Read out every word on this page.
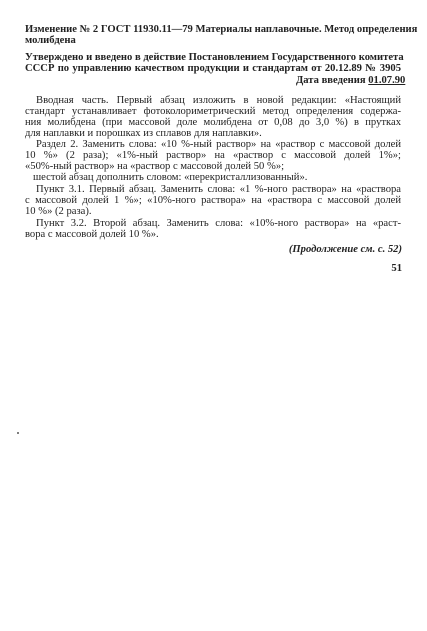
Изменение № 2 ГОСТ 11930.11—79 Материалы наплавочные. Метод определения
молибдена
Утверждено и введено в действие Постановлением Государственного комитета
СССР по управлению качеством продукции и стандартам от 20.12.89 № 3905
Дата введения 01.07.90
Вводная часть. Первый абзац изложить в новой редакции: «Настоящий
стандарт устанавливает фотоколориметрический метод определения содержа-
ния молибдена (при массовой доле молибдена от 0,08 до 3,0 %) в прутках
для наплавки и порошках из сплавов для наплавки».
Раздел 2. Заменить слова: «10 %-ный раствор» на «раствор с массовой долей
10 %» (2 раза); «1%-ный раствор» на «раствор с массовой долей 1%»;
«50%-ный раствор» на «раствор с массовой долей 50 %»;
шестой абзац дополнить словом: «перекристаллизованный».
Пункт 3.1. Первый абзац. Заменить слова: «1 %-ного раствора» на «раствора
с массовой долей 1 %»; «10%-ного раствора» на «раствора с массовой долей
10 %» (2 раза).
Пункт 3.2. Второй абзац. Заменить слова: «10%-ного раствора» на «раст-
вора с массовой долей 10 %».
(Продолжение см. с. 52)
51
